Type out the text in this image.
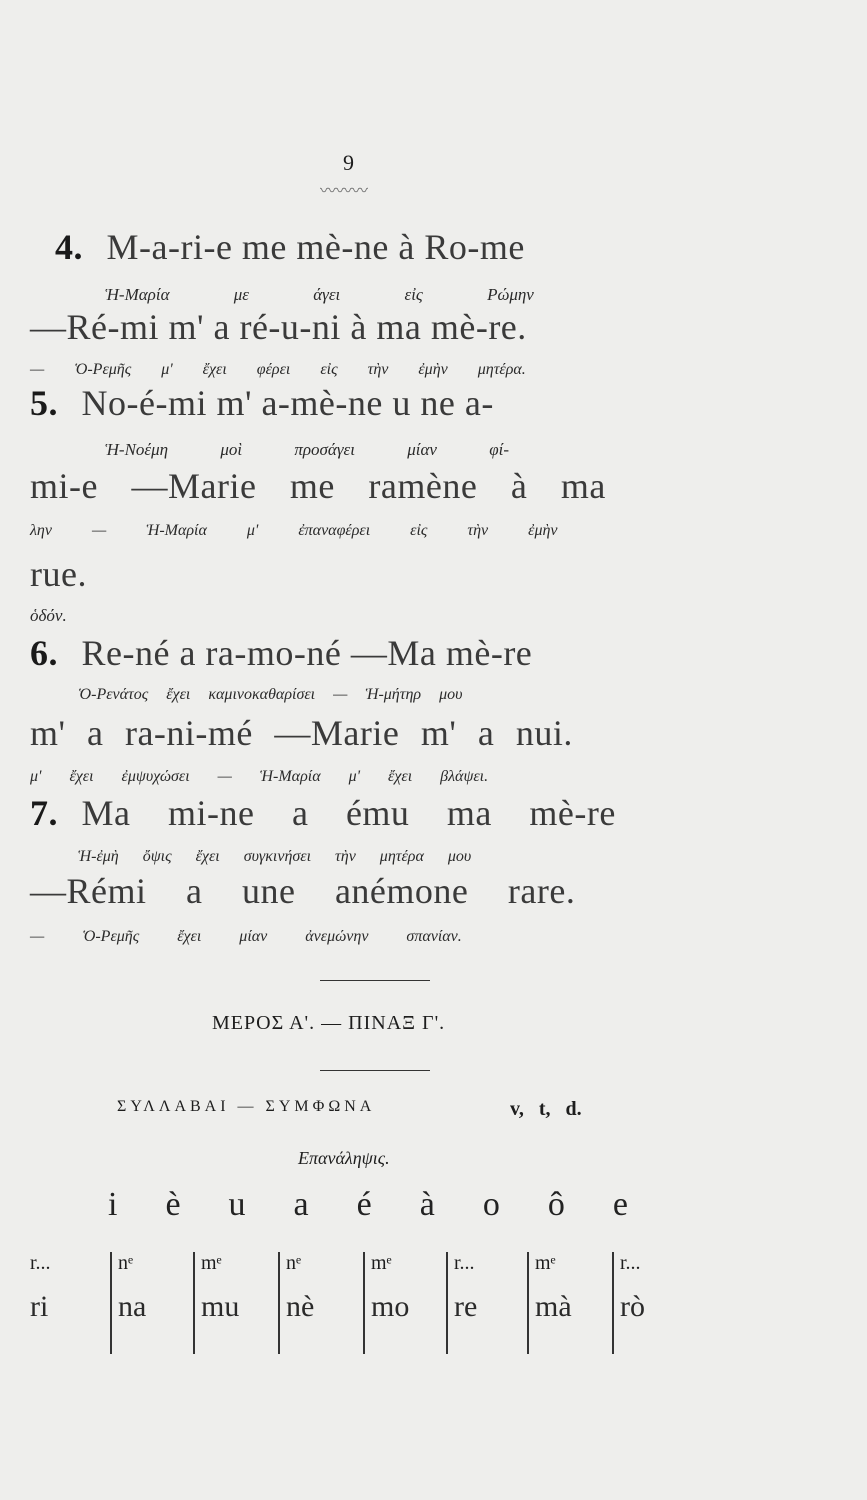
9
〰〰〰
4. M-a-ri-e me mè-ne à Ro-me
Ἡ-Μαρία με άγει εἰς Ρώμην
—Ré-mi m' a ré-u-ni à ma mè-re.
— Ὁ-Ρεμῆς μ' ἔχει φέρει εἰς τὴν ἐμὴν μητέρα.
5. No-é-mi m' a-mè-ne u ne a-
Ἡ-Νοέμη μοὶ προσάγει μίαν φί-
mi-e —Marie me ramène à ma
λην — Ἡ-Μαρία μ' ἐπαναφέρει εἰς τὴν ἐμὴν
rue.
ὁδόν.
6. Re-né a ra-mo-né —Ma mè-re
Ὁ-Ρενάτος ἔχει καμινοκαθαρίσει — Ἡ-μήτηρ μου
m' a ra-ni-mé —Marie m' a nui.
μ' ἔχει ἐμψυχώσει — Ἡ-Μαρία μ' ἔχει βλάψει.
7. Ma mi-ne a ému ma mè-re
Ἡ-ἐμὴ ὄψις ἔχει συγκινήσει τὴν μητέρα μου
—Rémi a une anémone rare.
— Ὁ-Ρεμῆς ἔχει μίαν ἀνεμώνην σπανίαν.
ΜΕΡΟΣ Α'. — ΠΙΝΑΞ Γ'.
ΣΥΛΛΑΒΑΙ — ΣΥΜΦΩΝΑ	v, t, d.
Επανάληψις.
i è u a é à o ô e
r...	nᵉ	mᵉ	nᵉ	mᵉ	r...	mᵉ	r...
ri na mu nè mo re mà rò
